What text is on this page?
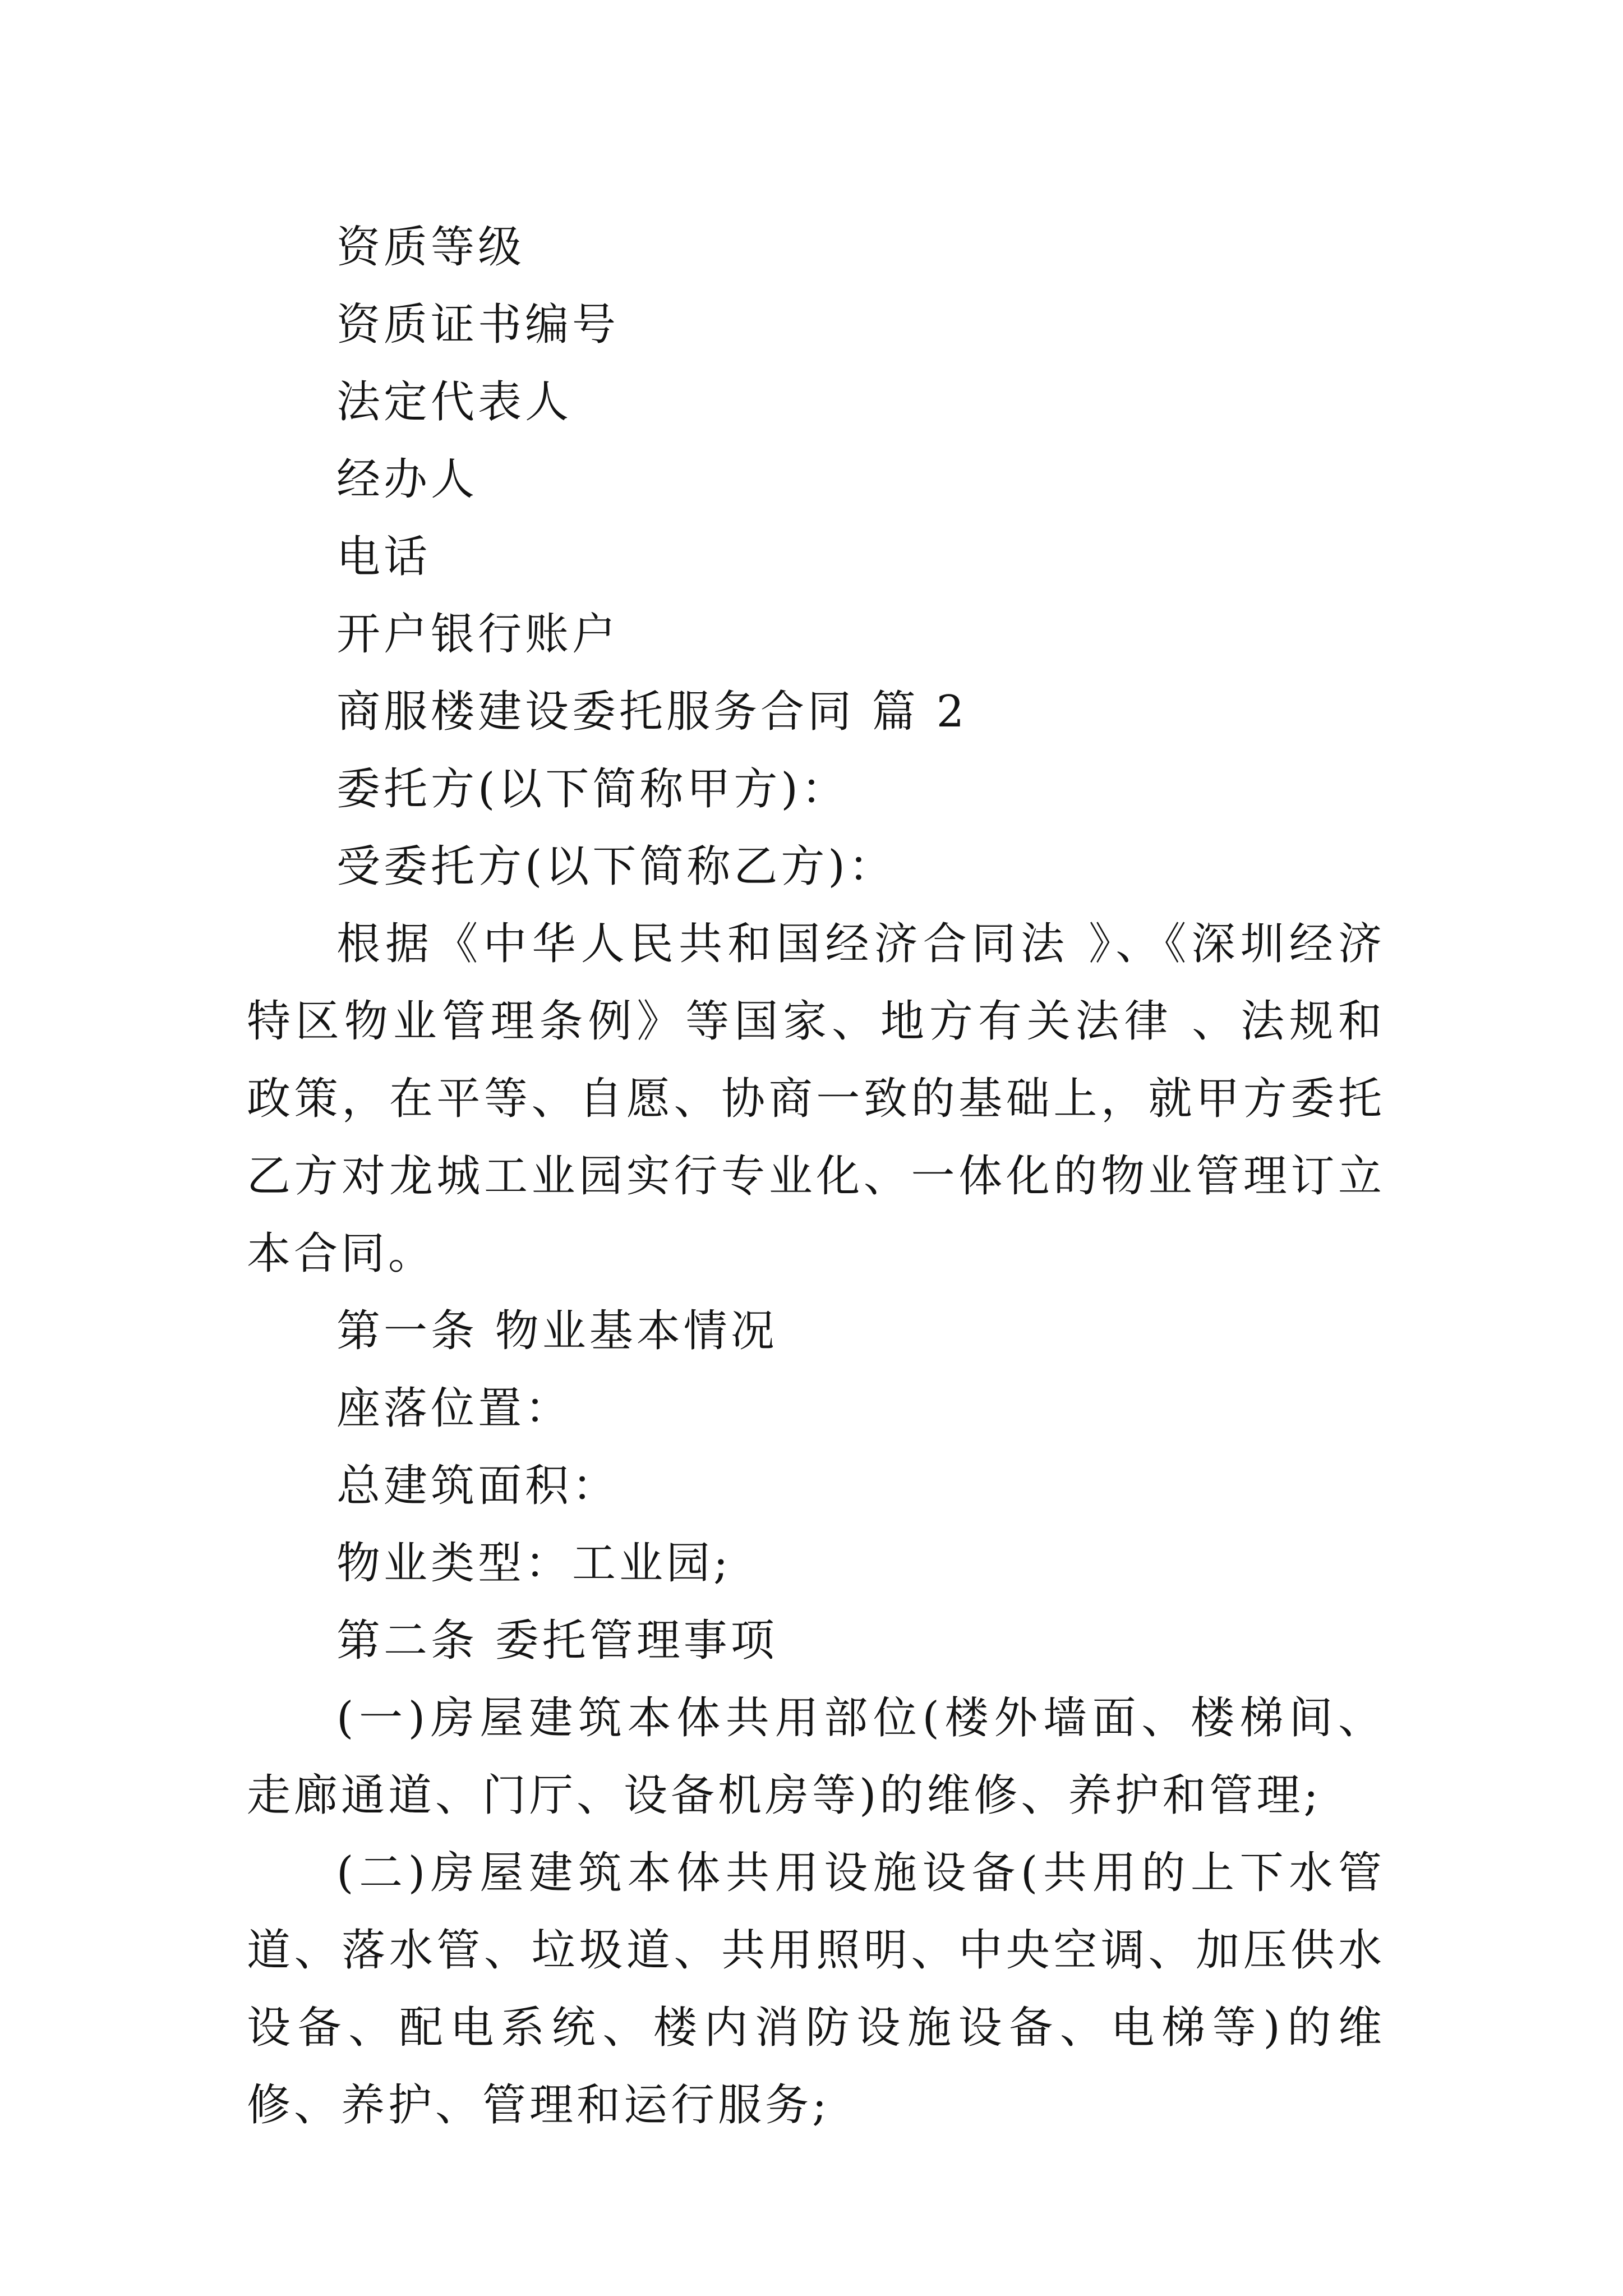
资质等级

资质证书编号

法定代表人

经办人

电话

开户银行账户

商服楼建设委托服务合同 篇 2

委托方(以下简称甲方)：

受委托方(以下简称乙方)：

根据《中华人民共和国经济合同法 》、《深圳经济特区物业管理条例》等国家、地方有关法律 、法规和政策，在平等、自愿、协商一致的基础上，就甲方委托乙方对龙城工业园实行专业化、一体化的物业管理订立本合同。

第一条 物业基本情况

座落位置：

总建筑面积：

物业类型：工业园;

第二条 委托管理事项

(一)房屋建筑本体共用部位(楼外墙面、楼梯间、走廊通道、门厅、设备机房等)的维修、养护和管理;

(二)房屋建筑本体共用设施设备(共用的上下水管道、落水管、垃圾道、共用照明、中央空调、加压供水设备、配电系统、楼内消防设施设备、电梯等)的维修、养护、管理和运行服务;
